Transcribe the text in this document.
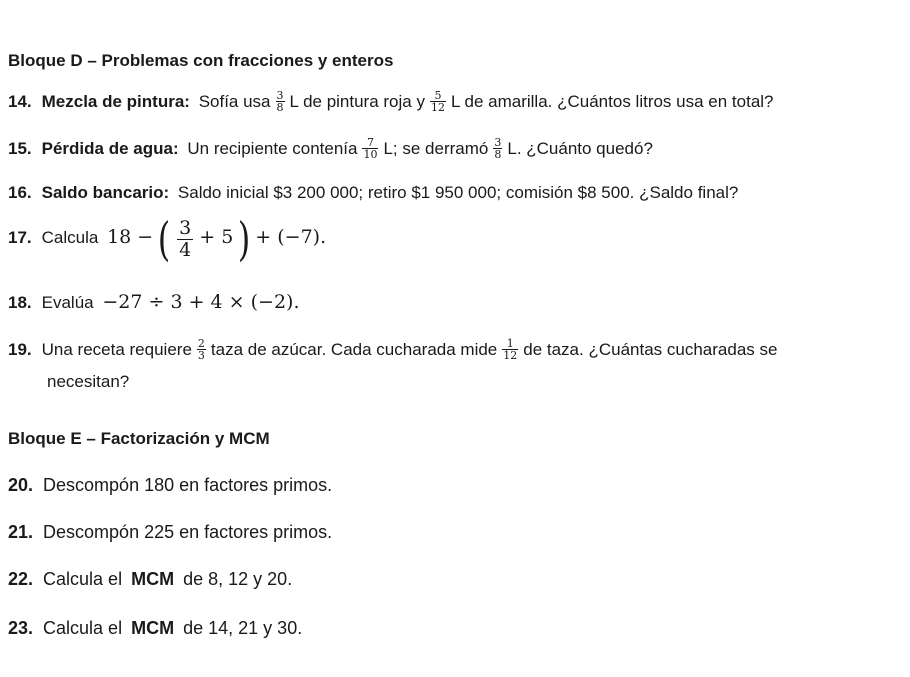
Bloque D – Problemas con fracciones y enteros
14. Mezcla de pintura: Sofía usa $\frac{3}{8}$ L de pintura roja y $\frac{5}{12}$ L de amarilla. ¿Cuántos litros usa en total?
15. Pérdida de agua: Un recipiente contenía $\frac{7}{10} L$; se derramó $\frac{3}{8} L$. ¿Cuánto quedó?
16. Saldo bancario: Saldo inicial $3 200 000; retiro $1 950 000; comisión $8 500. ¿Saldo final?
17. Calcula 18 − ( $\frac{3}{4} + 5$ ) + (−7).
18. Evalúa −27 ÷ 3 + 4 × (−2).
19. Una receta requiere $\frac{2}{3}$ taza de azúcar. Cada cucharada mide $\frac{1}{12}$ de taza. ¿Cuántas cucharadas se
necesitan?
Bloque E – Factorización y MCM
20. Descompón 180 en factores primos.
21. Descompón 225 en factores primos.
22. Calcula el MCM de 8, 12 y 20.
23. Calcula el MCM de 14, 21 y 30.
